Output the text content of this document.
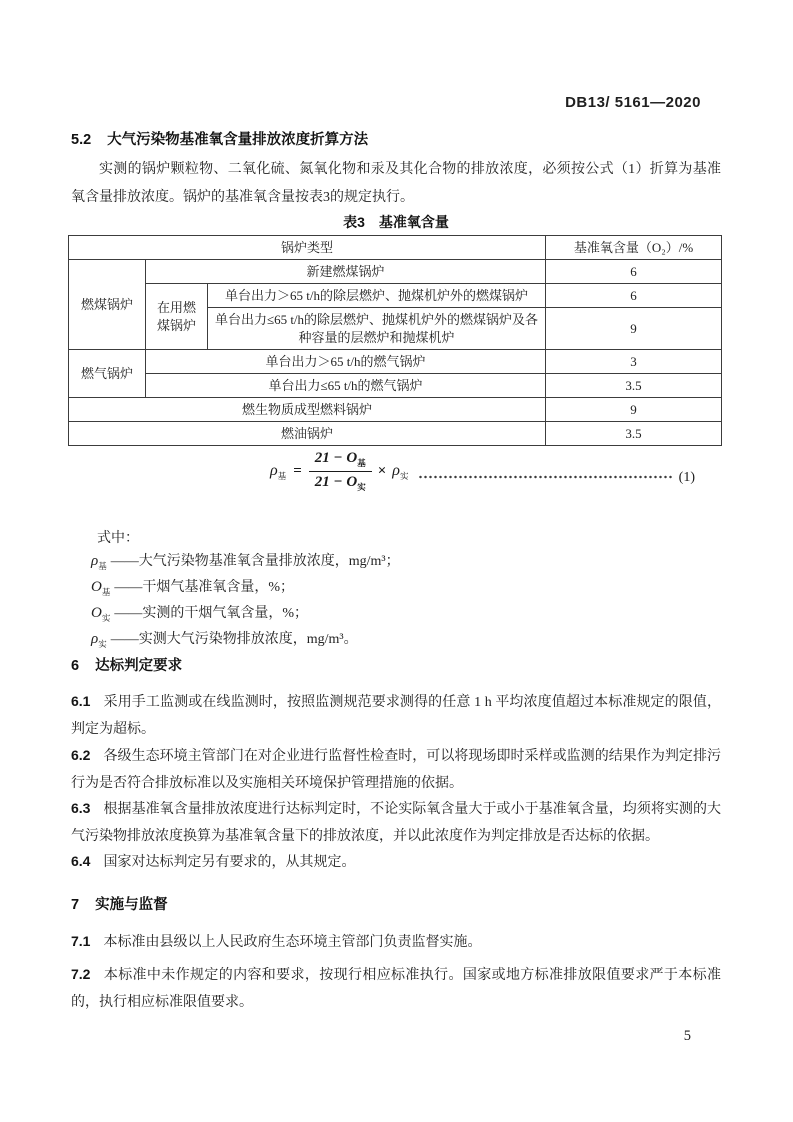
DB13/ 5161—2020
5.2 大气污染物基准氧含量排放浓度折算方法

实测的锅炉颗粒物、二氧化硫、氮氧化物和汞及其化合物的排放浓度，必须按公式（1）折算为基准氧含量排放浓度。锅炉的基准氧含量按表3的规定执行。

表3　基准氧含量
锅炉类型			基准氧含量（O₂）/%
燃煤锅炉	新建燃煤锅炉		6
	在用燃煤锅炉	单台出力＞65 t/h的除层燃炉、抛煤机炉外的燃煤锅炉	6
		单台出力≤65 t/h的除层燃炉、抛煤机炉外的燃煤锅炉及各种容量的层燃炉和抛煤机炉	9
燃气锅炉	单台出力＞65 t/h的燃气锅炉		3
	单台出力≤65 t/h的燃气锅炉		3.5
燃生物质成型燃料锅炉			9
燃油锅炉			3.5
$\rho_基 = \frac{21 - O_基}{21 - O_实} \times \rho_实$	(1)
式中：
$\rho_基$ ——大气污染物基准氧含量排放浓度，mg/m³；
$O_基$ ——干烟气基准氧含量，%；
$O_实$ ——实测的干烟气氧含量，%；
$\rho_实$ ——实测大气污染物排放浓度，mg/m³。
6 达标判定要求

6.1 采用手工监测或在线监测时，按照监测规范要求测得的任意 1 h 平均浓度值超过本标准规定的限值，判定为超标。

6.2 各级生态环境主管部门在对企业进行监督性检查时，可以将现场即时采样或监测的结果作为判定排污行为是否符合排放标准以及实施相关环境保护管理措施的依据。

6.3 根据基准氧含量排放浓度进行达标判定时，不论实际氧含量大于或小于基准氧含量，均须将实测的大气污染物排放浓度换算为基准氧含量下的排放浓度，并以此浓度作为判定排放是否达标的依据。

6.4 国家对达标判定另有要求的，从其规定。

7 实施与监督

7.1 本标准由县级以上人民政府生态环境主管部门负责监督实施。

7.2 本标准中未作规定的内容和要求，按现行相应标准执行。国家或地方标准排放限值要求严于本标准的，执行相应标准限值要求。

5
